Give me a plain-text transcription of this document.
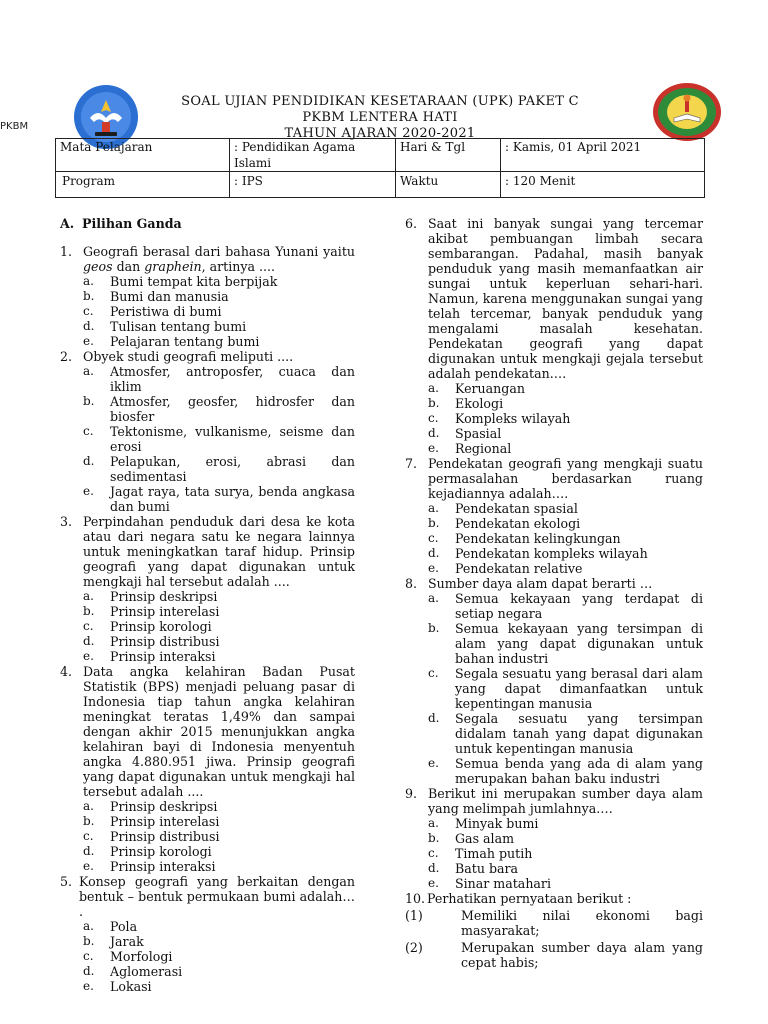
PKBM
SOAL UJIAN PENDIDIKAN KESETARAAN (UPK) PAKET C
PKBM LENTERA HATI
TAHUN AJARAN 2020-2021
Mata Pelajaran	: Pendidikan Agama Islami	Hari & Tgl	: Kamis, 01 April 2021
Program	: IPS	Waktu	: 120 Menit
A. Pilihan Ganda
1. Geografi berasal dari bahasa Yunani yaitu geos dan graphein, artinya ....
a.	Bumi tempat kita berpijak
b.	Bumi dan manusia
c.	Peristiwa di bumi
d.	Tulisan tentang bumi
e.	Pelajaran tentang bumi
2. Obyek studi geografi meliputi ....
a.	Atmosfer, antroposfer, cuaca dan iklim
b.	Atmosfer, geosfer, hidrosfer dan biosfer
c.	Tektonisme, vulkanisme, seisme dan erosi
d.	Pelapukan, erosi, abrasi dan sedimentasi
e.	Jagat raya, tata surya, benda angkasa dan bumi
3. Perpindahan penduduk dari desa ke kota atau dari negara satu ke negara lainnya untuk meningkatkan taraf hidup. Prinsip geografi yang dapat digunakan untuk mengkaji hal tersebut adalah ....
a.	Prinsip deskripsi
b.	Prinsip interelasi
c.	Prinsip korologi
d.	Prinsip distribusi
e.	Prinsip interaksi
4. Data angka kelahiran Badan Pusat Statistik (BPS) menjadi peluang pasar di Indonesia tiap tahun angka kelahiran meningkat teratas 1,49% dan sampai dengan akhir 2015 menunjukkan angka kelahiran bayi di Indonesia menyentuh angka 4.880.951 jiwa. Prinsip geografi yang dapat digunakan untuk mengkaji hal tersebut adalah ....
a.	Prinsip deskripsi
b.	Prinsip interelasi
c.	Prinsip distribusi
d.	Prinsip korologi
e.	Prinsip interaksi
5. Konsep geografi yang berkaitan dengan bentuk – bentuk permukaan bumi adalah… .
a.	Pola
b.	Jarak
c.	Morfologi
d.	Aglomerasi
e.	Lokasi
6. Saat ini banyak sungai yang tercemar akibat pembuangan limbah secara sembarangan. Padahal, masih banyak penduduk yang masih memanfaatkan air sungai untuk keperluan sehari-hari. Namun, karena menggunakan sungai yang telah tercemar, banyak penduduk yang mengalami masalah kesehatan. Pendekatan geografi yang dapat digunakan untuk mengkaji gejala tersebut adalah pendekatan.…
a.	Keruangan
b.	Ekologi
c.	Kompleks wilayah
d.	Spasial
e.	Regional
7. Pendekatan geografi yang mengkaji suatu permasalahan berdasarkan ruang kejadiannya adalah….
a.	Pendekatan spasial
b.	Pendekatan ekologi
c.	Pendekatan kelingkungan
d.	Pendekatan kompleks wilayah
e.	Pendekatan relative
8. Sumber daya alam dapat berarti …
a.	Semua kekayaan yang terdapat di setiap negara
b.	Semua kekayaan yang tersimpan di alam yang dapat digunakan untuk bahan industri
c.	Segala sesuatu yang berasal dari alam yang dapat dimanfaatkan untuk kepentingan manusia
d.	Segala sesuatu yang tersimpan didalam tanah yang dapat digunakan untuk kepentingan manusia
e.	Semua benda yang ada di alam yang merupakan bahan baku industri
9. Berikut ini merupakan sumber daya alam yang melimpah jumlahnya.…
a.	Minyak bumi
b.	Gas alam
c.	Timah putih
d.	Batu bara
e.	Sinar matahari
10. Perhatikan pernyataan berikut :
(1)	Memiliki nilai ekonomi bagi masyarakat;
(2)	Merupakan sumber daya alam yang cepat habis;
